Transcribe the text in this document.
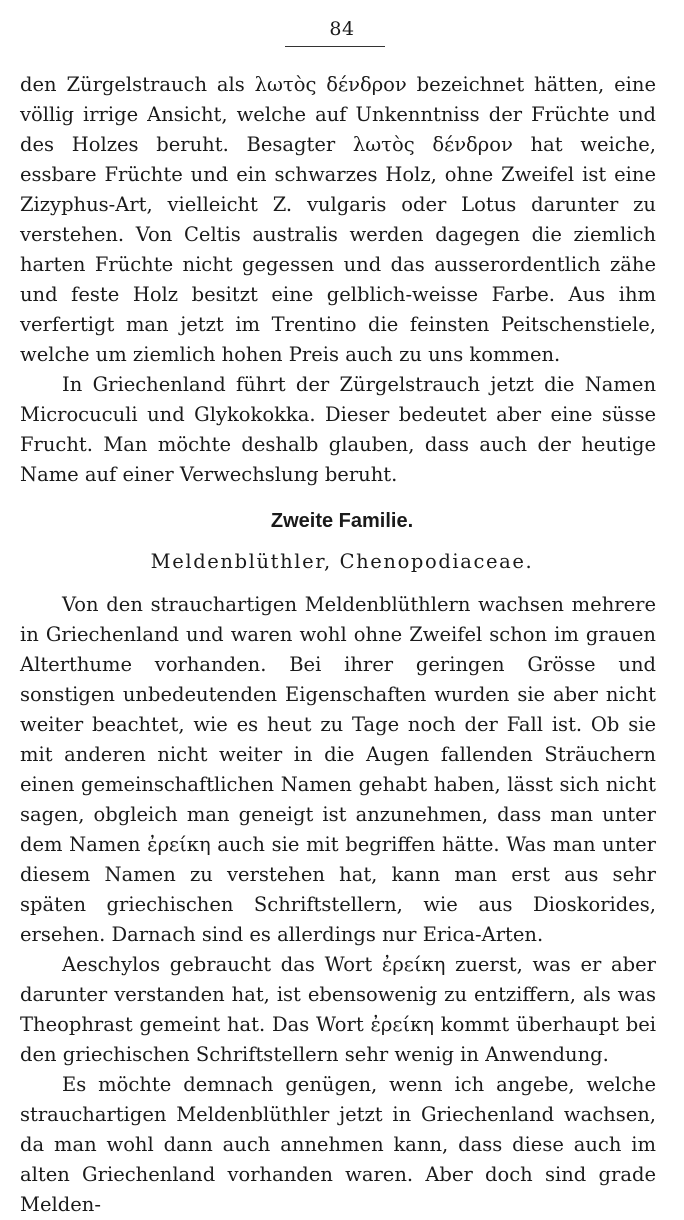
84

den Zürgelstrauch als λωτὸς δένδρον bezeichnet hätten, eine völlig irrige Ansicht, welche auf Unkenntniss der Früchte und des Holzes beruht. Besagter λωτὸς δένδρον hat weiche, essbare Früchte und ein schwarzes Holz, ohne Zweifel ist eine Zizyphus-Art, vielleicht Z. vulgaris oder Lotus darunter zu verstehen. Von Celtis australis werden dagegen die ziemlich harten Früchte nicht gegessen und das ausserordentlich zähe und feste Holz besitzt eine gelblich-weisse Farbe. Aus ihm verfertigt man jetzt im Trentino die feinsten Peitschenstiele, welche um ziemlich hohen Preis auch zu uns kommen.

In Griechenland führt der Zürgelstrauch jetzt die Namen Microcuculi und Glykokokka. Dieser bedeutet aber eine süsse Frucht. Man möchte deshalb glauben, dass auch der heutige Name auf einer Verwechslung beruht.

Zweite Familie.
Meldenblüthler, Chenopodiaceae.

Von den strauchartigen Meldenblüthlern wachsen mehrere in Griechenland und waren wohl ohne Zweifel schon im grauen Alterthume vorhanden. Bei ihrer geringen Grösse und sonstigen unbedeutenden Eigenschaften wurden sie aber nicht weiter beachtet, wie es heut zu Tage noch der Fall ist. Ob sie mit anderen nicht weiter in die Augen fallenden Sträuchern einen gemeinschaftlichen Namen gehabt haben, lässt sich nicht sagen, obgleich man geneigt ist anzunehmen, dass man unter dem Namen ἐρείκη auch sie mit begriffen hätte. Was man unter diesem Namen zu verstehen hat, kann man erst aus sehr späten griechischen Schriftstellern, wie aus Dioskorides, ersehen. Darnach sind es allerdings nur Erica-Arten.

Aeschylos gebraucht das Wort ἐρείκη zuerst, was er aber darunter verstanden hat, ist ebensowenig zu entziffern, als was Theophrast gemeint hat. Das Wort ἐρείκη kommt überhaupt bei den griechischen Schriftstellern sehr wenig in Anwendung.

Es möchte demnach genügen, wenn ich angebe, welche strauchartigen Meldenblüthler jetzt in Griechenland wachsen, da man wohl dann auch annehmen kann, dass diese auch im alten Griechenland vorhanden waren. Aber doch sind grade Melden-
